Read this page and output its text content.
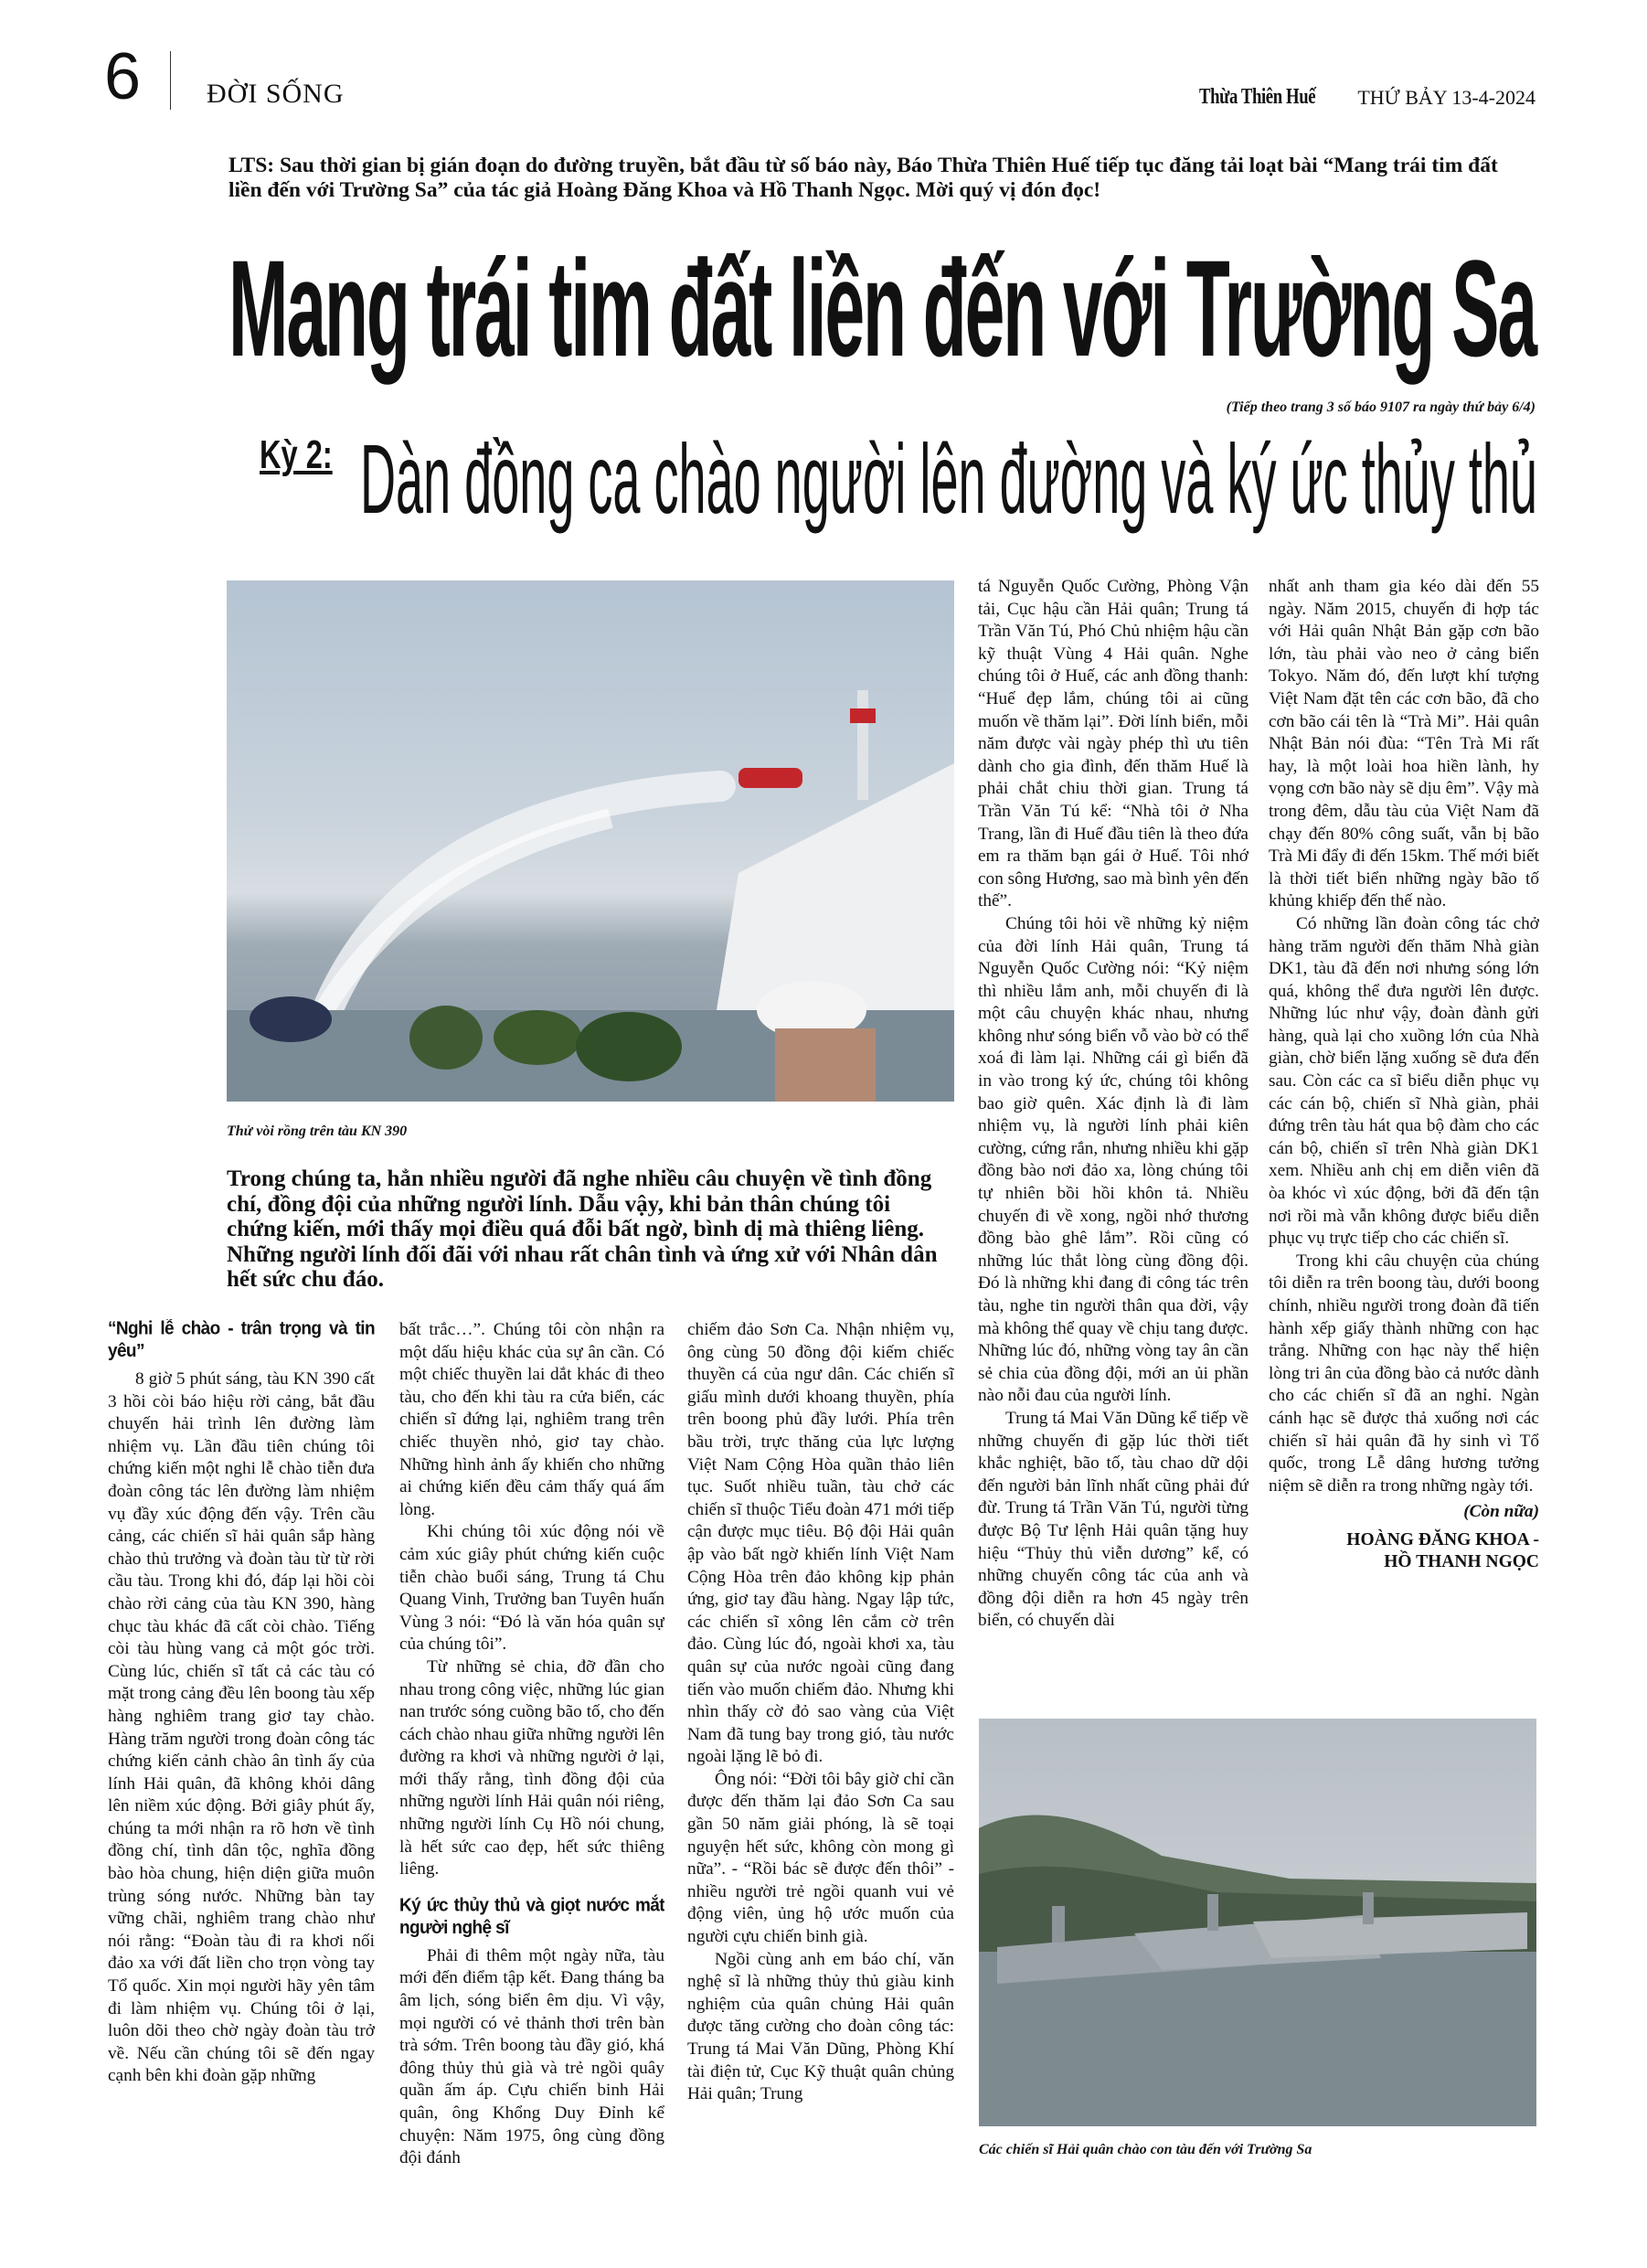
6 ĐỜI SỐNG	Thừa Thiên Huế THỨ BẢY 13-4-2024
LTS: Sau thời gian bị gián đoạn do đường truyền, bắt đầu từ số báo này, Báo Thừa Thiên Huế tiếp tục đăng tải loạt bài “Mang trái tim đất liền đến với Trường Sa” của tác giả Hoàng Đăng Khoa và Hồ Thanh Ngọc. Mời quý vị đón đọc!
Mang trái tim đất liền đến với Trường Sa
(Tiếp theo trang 3 số báo 9107 ra ngày thứ bảy 6/4)
Kỳ 2: Dàn đồng ca chào người lên đường và ký ức thủy thủ
Thử vòi rồng trên tàu KN 390
Trong chúng ta, hẳn nhiều người đã nghe nhiều câu chuyện về tình đồng chí, đồng đội của những người lính. Dẫu vậy, khi bản thân chúng tôi chứng kiến, mới thấy mọi điều quá đỗi bất ngờ, bình dị mà thiêng liêng. Những người lính đối đãi với nhau rất chân tình và ứng xử với Nhân dân hết sức chu đáo.
“Nghi lễ chào - trân trọng và tin yêu”

8 giờ 5 phút sáng, tàu KN 390 cất 3 hồi còi báo hiệu rời cảng, bắt đầu chuyến hải trình lên đường làm nhiệm vụ. Lần đầu tiên chúng tôi chứng kiến một nghi lễ chào tiễn đưa đoàn công tác lên đường làm nhiệm vụ đầy xúc động đến vậy. Trên cầu cảng, các chiến sĩ hải quân sắp hàng chào thủ trưởng và đoàn tàu từ từ rời cầu tàu. Trong khi đó, đáp lại hồi còi chào rời cảng của tàu KN 390, hàng chục tàu khác đã cất còi chào. Tiếng còi tàu hùng vang cả một góc trời. Cùng lúc, chiến sĩ tất cả các tàu có mặt trong cảng đều lên boong tàu xếp hàng nghiêm trang giơ tay chào. Hàng trăm người trong đoàn công tác chứng kiến cảnh chào ân tình ấy của lính Hải quân, đã không khỏi dâng lên niềm xúc động. Bởi giây phút ấy, chúng ta mới nhận ra rõ hơn về tình đồng chí, tình dân tộc, nghĩa đồng bào hòa chung, hiện diện giữa muôn trùng sóng nước. Những bàn tay vững chãi, nghiêm trang chào như nói rằng: “Đoàn tàu đi ra khơi nối đảo xa với đất liền cho trọn vòng tay Tổ quốc. Xin mọi người hãy yên tâm đi làm nhiệm vụ. Chúng tôi ở lại, luôn dõi theo chờ ngày đoàn tàu trở về. Nếu cần chúng tôi sẽ đến ngay cạnh bên khi đoàn gặp những

bất trắc…”. Chúng tôi còn nhận ra một dấu hiệu khác của sự ân cần. Có một chiếc thuyền lai dắt khác đi theo tàu, cho đến khi tàu ra cửa biển, các chiến sĩ đứng lại, nghiêm trang trên chiếc thuyền nhỏ, giơ tay chào. Những hình ảnh ấy khiến cho những ai chứng kiến đều cảm thấy quá ấm lòng.

Khi chúng tôi xúc động nói về cảm xúc giây phút chứng kiến cuộc tiễn chào buổi sáng, Trung tá Chu Quang Vinh, Trưởng ban Tuyên huấn Vùng 3 nói: “Đó là văn hóa quân sự của chúng tôi”.

Từ những sẻ chia, đỡ đần cho nhau trong công việc, những lúc gian nan trước sóng cuồng bão tố, cho đến cách chào nhau giữa những người lên đường ra khơi và những người ở lại, mới thấy rằng, tình đồng đội của những người lính Hải quân nói riêng, những người lính Cụ Hồ nói chung, là hết sức cao đẹp, hết sức thiêng liêng.

Ký ức thủy thủ và giọt nước mắt người nghệ sĩ

Phải đi thêm một ngày nữa, tàu mới đến điểm tập kết. Đang tháng ba âm lịch, sóng biển êm dịu. Vì vậy, mọi người có vẻ thảnh thơi trên bàn trà sớm. Trên boong tàu đầy gió, khá đông thủy thủ già và trẻ ngồi quây quần ấm áp. Cựu chiến binh Hải quân, ông Khổng Duy Đỉnh kể chuyện: Năm 1975, ông cùng đồng đội đánh

chiếm đảo Sơn Ca. Nhận nhiệm vụ, ông cùng 50 đồng đội kiếm chiếc thuyền cá của ngư dân. Các chiến sĩ giấu mình dưới khoang thuyền, phía trên boong phủ đầy lưới. Phía trên bầu trời, trực thăng của lực lượng Việt Nam Cộng Hòa quần thảo liên tục. Suốt nhiều tuần, tàu chở các chiến sĩ thuộc Tiểu đoàn 471 mới tiếp cận được mục tiêu. Bộ đội Hải quân ập vào bất ngờ khiến lính Việt Nam Cộng Hòa trên đảo không kịp phản ứng, giơ tay đầu hàng. Ngay lập tức, các chiến sĩ xông lên cắm cờ trên đảo. Cùng lúc đó, ngoài khơi xa, tàu quân sự của nước ngoài cũng đang tiến vào muốn chiếm đảo. Nhưng khi nhìn thấy cờ đỏ sao vàng của Việt Nam đã tung bay trong gió, tàu nước ngoài lặng lẽ bỏ đi.

Ông nói: “Đời tôi bây giờ chỉ cần được đến thăm lại đảo Sơn Ca sau gần 50 năm giải phóng, là sẽ toại nguyện hết sức, không còn mong gì nữa”. - “Rồi bác sẽ được đến thôi” - nhiều người trẻ ngồi quanh vui vẻ động viên, ủng hộ ước muốn của người cựu chiến binh già.

Ngồi cùng anh em báo chí, văn nghệ sĩ là những thủy thủ giàu kinh nghiệm của quân chủng Hải quân được tăng cường cho đoàn công tác: Trung tá Mai Văn Dũng, Phòng Khí tài điện tử, Cục Kỹ thuật quân chủng Hải quân; Trung

tá Nguyễn Quốc Cường, Phòng Vận tải, Cục hậu cần Hải quân; Trung tá Trần Văn Tú, Phó Chủ nhiệm hậu cần kỹ thuật Vùng 4 Hải quân. Nghe chúng tôi ở Huế, các anh đồng thanh: “Huế đẹp lắm, chúng tôi ai cũng muốn về thăm lại”. Đời lính biển, mỗi năm được vài ngày phép thì ưu tiên dành cho gia đình, đến thăm Huế là phải chắt chiu thời gian. Trung tá Trần Văn Tú kể: “Nhà tôi ở Nha Trang, lần đi Huế đầu tiên là theo đứa em ra thăm bạn gái ở Huế. Tôi nhớ con sông Hương, sao mà bình yên đến thế”.

Chúng tôi hỏi về những kỷ niệm của đời lính Hải quân, Trung tá Nguyễn Quốc Cường nói: “Kỷ niệm thì nhiều lắm anh, mỗi chuyến đi là một câu chuyện khác nhau, nhưng không như sóng biển vỗ vào bờ có thể xoá đi làm lại. Những cái gì biển đã in vào trong ký ức, chúng tôi không bao giờ quên. Xác định là đi làm nhiệm vụ, là người lính phải kiên cường, cứng rắn, nhưng nhiều khi gặp đồng bào nơi đảo xa, lòng chúng tôi tự nhiên bồi hồi khôn tả. Nhiều chuyến đi về xong, ngồi nhớ thương đồng bào ghê lắm”. Rồi cũng có những lúc thắt lòng cùng đồng đội. Đó là những khi đang đi công tác trên tàu, nghe tin người thân qua đời, vậy mà không thể quay về chịu tang được. Những lúc đó, những vòng tay ân cần sẻ chia của đồng đội, mới an ủi phần nào nỗi đau của người lính.

Trung tá Mai Văn Dũng kể tiếp về những chuyến đi gặp lúc thời tiết khắc nghiệt, bão tố, tàu chao dữ dội đến người bản lĩnh nhất cũng phải đứ đừ. Trung tá Trần Văn Tú, người từng được Bộ Tư lệnh Hải quân tặng huy hiệu “Thủy thủ viễn dương” kể, có những chuyến công tác của anh và đồng đội diễn ra hơn 45 ngày trên biển, có chuyến dài

nhất anh tham gia kéo dài đến 55 ngày. Năm 2015, chuyến đi hợp tác với Hải quân Nhật Bản gặp cơn bão lớn, tàu phải vào neo ở cảng biển Tokyo. Năm đó, đến lượt khí tượng Việt Nam đặt tên các cơn bão, đã cho cơn bão cái tên là “Trà Mi”. Hải quân Nhật Bản nói đùa: “Tên Trà Mi rất hay, là một loài hoa hiền lành, hy vọng cơn bão này sẽ dịu êm”. Vậy mà trong đêm, dẫu tàu của Việt Nam đã chạy đến 80% công suất, vẫn bị bão Trà Mi đẩy đi đến 15km. Thế mới biết là thời tiết biển những ngày bão tố khủng khiếp đến thế nào.

Có những lần đoàn công tác chở hàng trăm người đến thăm Nhà giàn DK1, tàu đã đến nơi nhưng sóng lớn quá, không thể đưa người lên được. Những lúc như vậy, đoàn đành gửi hàng, quà lại cho xuồng lớn của Nhà giàn, chờ biển lặng xuống sẽ đưa đến sau. Còn các ca sĩ biểu diễn phục vụ các cán bộ, chiến sĩ Nhà giàn, phải đứng trên tàu hát qua bộ đàm cho các cán bộ, chiến sĩ trên Nhà giàn DK1 xem. Nhiều anh chị em diễn viên đã òa khóc vì xúc động, bởi đã đến tận nơi rồi mà vẫn không được biểu diễn phục vụ trực tiếp cho các chiến sĩ.

Trong khi câu chuyện của chúng tôi diễn ra trên boong tàu, dưới boong chính, nhiều người trong đoàn đã tiến hành xếp giấy thành những con hạc trắng. Những con hạc này thể hiện lòng tri ân của đồng bào cả nước dành cho các chiến sĩ đã an nghỉ. Ngàn cánh hạc sẽ được thả xuống nơi các chiến sĩ hải quân đã hy sinh vì Tổ quốc, trong Lễ dâng hương tưởng niệm sẽ diễn ra trong những ngày tới.

(Còn nữa)

HOÀNG ĐĂNG KHOA -

HỒ THANH NGỌC

Các chiến sĩ Hải quân chào con tàu đến với Trường Sa
